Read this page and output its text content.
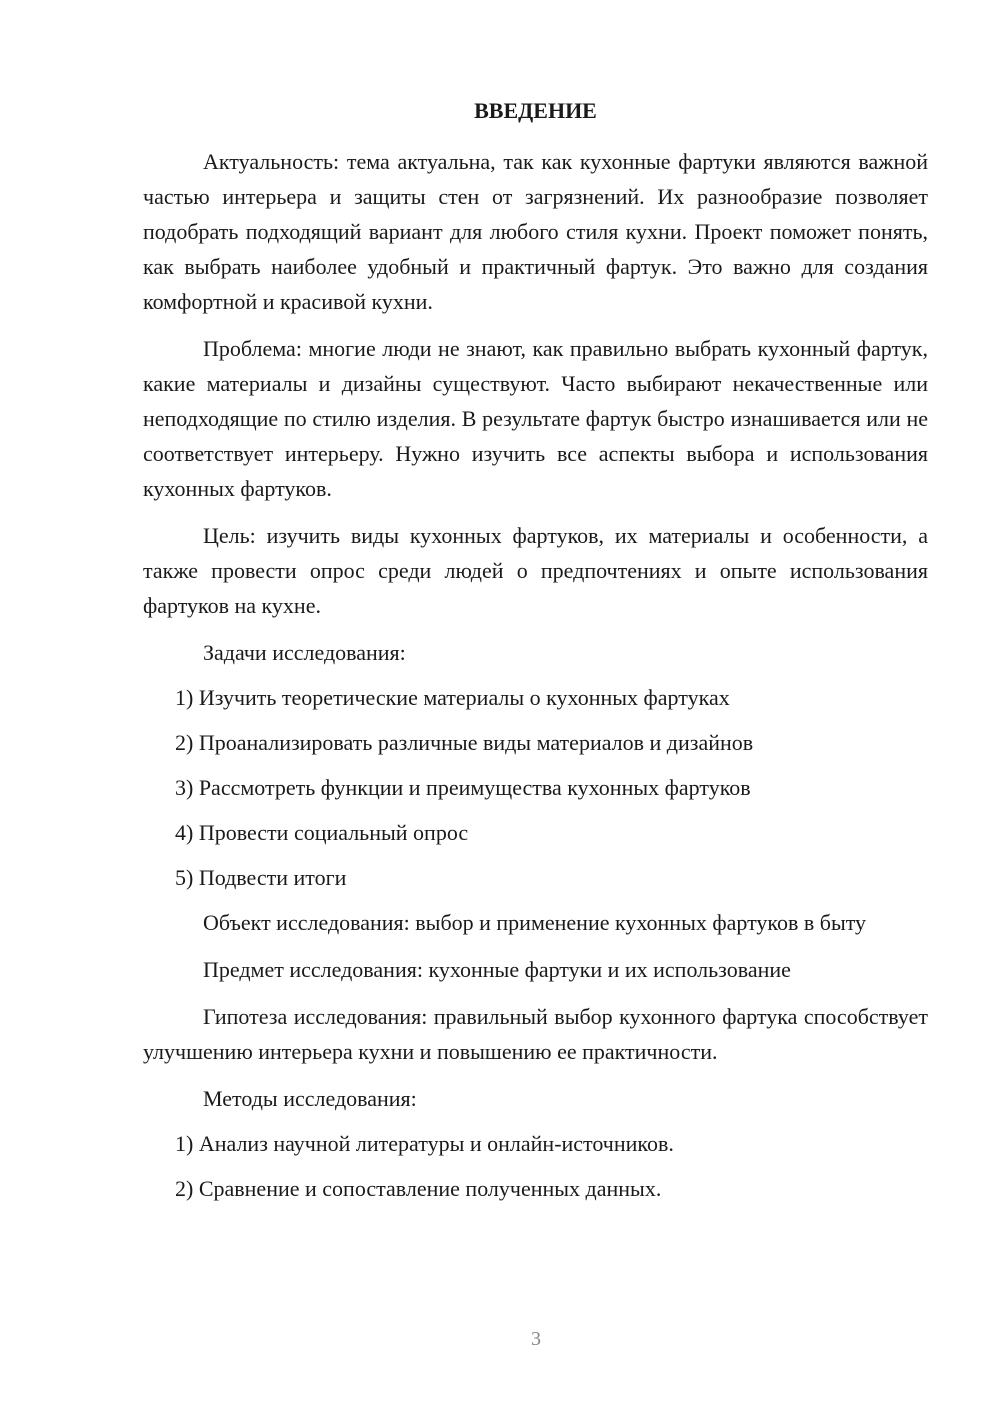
ВВЕДЕНИЕ

Актуальность: тема актуальна, так как кухонные фартуки являются важной частью интерьера и защиты стен от загрязнений. Их разнообразие позволяет подобрать подходящий вариант для любого стиля кухни. Проект поможет понять, как выбрать наиболее удобный и практичный фартук. Это важно для создания комфортной и красивой кухни.

Проблема: многие люди не знают, как правильно выбрать кухонный фартук, какие материалы и дизайны существуют. Часто выбирают некачественные или неподходящие по стилю изделия. В результате фартук быстро изнашивается или не соответствует интерьеру. Нужно изучить все аспекты выбора и использования кухонных фартуков.

Цель: изучить виды кухонных фартуков, их материалы и особенности, а также провести опрос среди людей о предпочтениях и опыте использования фартуков на кухне.

Задачи исследования:

1) Изучить теоретические материалы о кухонных фартуках
2) Проанализировать различные виды материалов и дизайнов
3) Рассмотреть функции и преимущества кухонных фартуков
4) Провести социальный опрос
5) Подвести итоги

Объект исследования: выбор и применение кухонных фартуков в быту

Предмет исследования: кухонные фартуки и их использование

Гипотеза исследования: правильный выбор кухонного фартука способствует улучшению интерьера кухни и повышению ее практичности.

Методы исследования:

1) Анализ научной литературы и онлайн-источников.
2) Сравнение и сопоставление полученных данных.
3
